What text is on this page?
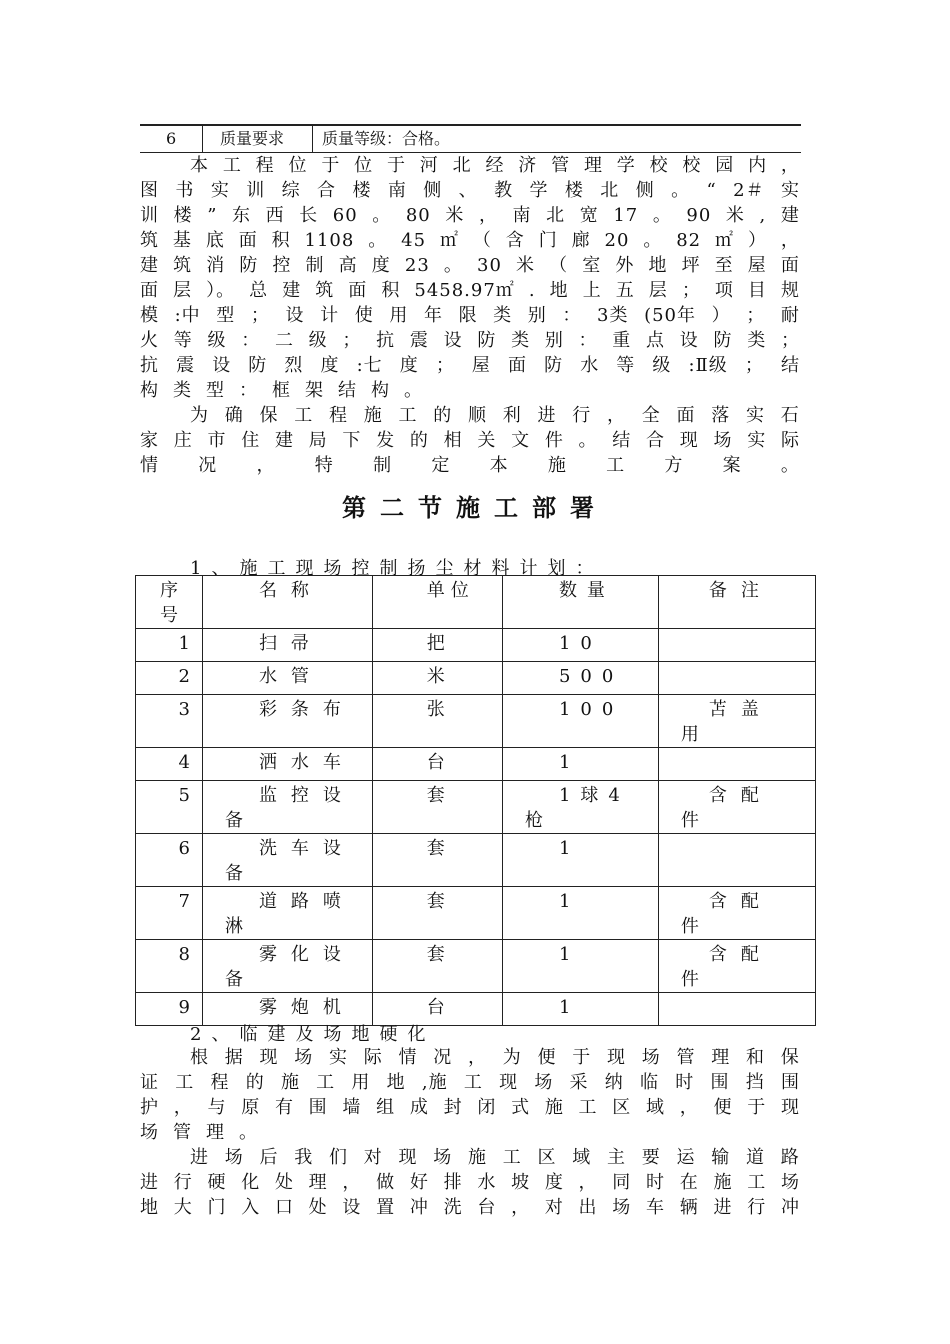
6	质量要求 质量等级：合格。
本 工 程 位 于 位 于 河 北 经 济 管 理 学 校 校 园 内 ，
图 书 实 训 综 合 楼 南 侧 、 教 学 楼 北 侧 。 “ 2＃ 实
训 楼 ” 东 西 长 60 。 80 米 ， 南 北 宽 17 。 90 米 , 建
筑 基 底 面 积 1108 。 45 ㎡ （ 含 门 廊 20 。 82 ㎡ ） ，
建 筑 消 防 控 制 高 度 23 。 30 米 （ 室 外 地 坪 至 屋 面
面 层 ）。 总 建 筑 面 积 5458.97㎡ . 地 上 五 层 ； 项 目 规
模 :中 型 ； 设 计 使 用 年 限 类 别 ： 3类 (50年 ） ； 耐
火 等 级 ： 二 级 ； 抗 震 设 防 类 别 ： 重 点 设 防 类 ；
抗 震 设 防 烈 度 :七 度 ； 屋 面 防 水 等 级 :Ⅱ级 ； 结
构 类 型 ： 框 架 结 构 。
为 确 保 工 程 施 工 的 顺 利 进 行 ， 全 面 落 实 石
家 庄 市 住 建 局 下 发 的 相 关 文 件 。 结 合 现 场 实 际
情 况 ， 特 制 定 本 施 工 方 案 。
第二节施工部署
1、施工现场控制扬尘材料计划：
序号	名称	单位	数量	备注

1	扫帚	把	10	

2	水管	米	500	

3	彩条布	张	100	苫盖用

4	洒水车	台	1	

5	监控设备	套	1球4枪	含配件

6	洗车设备	套	1	

7	道路喷淋	套	1	含配件

8	雾化设备	套	1	含配件

9	雾炮机	台	1	

2、临建及场地硬化
根 据 现 场 实 际 情 况 ， 为 便 于 现 场 管 理 和 保
证 工 程 的 施 工 用 地 ,施 工 现 场 采 纳 临 时 围 挡 围
护 ， 与 原 有 围 墙 组 成 封 闭 式 施 工 区 域 ， 便 于 现
场 管 理 。
进 场 后 我 们 对 现 场 施 工 区 域 主 要 运 输 道 路
进 行 硬 化 处 理 ， 做 好 排 水 坡 度 ， 同 时 在 施 工 场
地 大 门 入 口 处 设 置 冲 洗 台 ， 对 出 场 车 辆 进 行 冲
